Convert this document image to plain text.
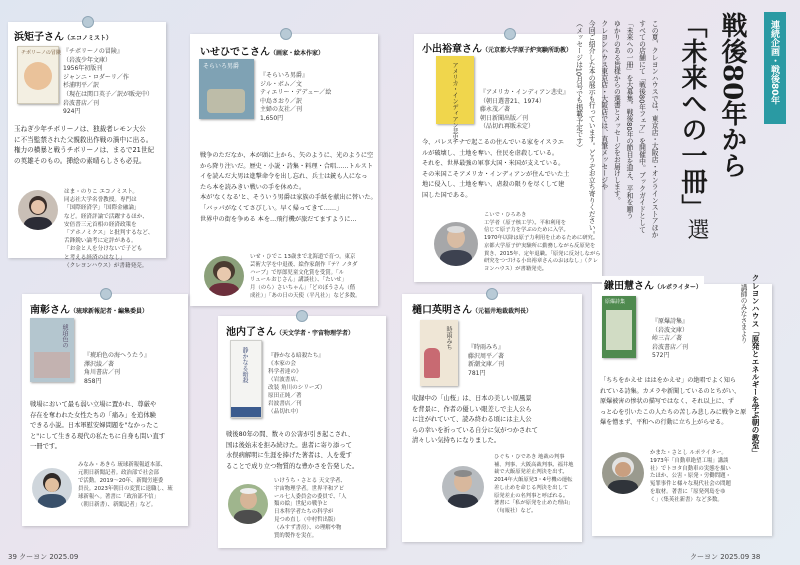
浜矩子さん（エコノミスト）
チボリーノの冒険 『チボリーノの冒険』
（岩波少年文庫）
1956年初版刊
ジャンニ・ロダーリ／作
杉浦明平／訳
（現在は関口英子／訳が販売中）
岩波書店／刊
924円
玉ねぎ少年チボリーノは、独裁者レモン大公
に不当監禁された父親救出作戦の渦中に出る。
権力の横暴と戦うチボリーノは、まるで21世紀
の英雄そのもの。挿絵の素晴らしさも必見。
はま・のりこ エコノミスト。
同志社大学名誉教授。専門は
「国際経済学」「国際金融論」
など。経済評論で活躍するほか、
安倍晋三元首相の経済政策を
「アホノミクス」と批判するなど、
舌鋒鋭い論考に定評がある。
「お金と人を分けないで子ども
と考える経済のはなし」
（クレヨンハウス）が書籍発売。
いせひでこさん（画家・絵本作家）
そらいろ男爵
『そらいろ男爵』
ジル・ボム／文
ティエリー・デデュー／絵
中島さおり／訳
主婦の友社／刊
1,650円
戦争のただなか、本が頭に上から、矢のように、光のように空
から降り注いだ。歴史・小説・詩集・料理・合唱……トルスト
イを読んだ大男は進撃命令を出し忘れ、兵士は銃も人になっ
たら本を読みきい戦いの手を休めた。
本が'なくなる'と、そういう男爵は家族の手紙を献出に替いた。
「バッパがなくてさびしい。早く帰ってきて……」
世界中の街を争める 本を…飛行機が旅だてますように…
いせ・ひでこ 13歳まで北海道で育つ。東京
芸術大学を中退後、絵作家創作『テ？ノタダ
ハーブ』で厚郎児童文化賞を受賞。「ル
リュールおじさん」講談社）、「たいせ」
月（のら）さいちゃん」「どのぼうさん（偕
成社）」「あの日の天使（平凡社）」など多数。
小出裕章さん（元京都大学原子炉実験所助教）
アメリカ・インディアン悲史	『アメリカ・インディアン悲史』
（朝日選書21、1974）
藤永茂／著
朝日新聞出版／刊
（品切れ再販未定）
今、パレスチナで起こるの住んでいる家をイスラエ
ルが破壊し、土地を奪い、住民を虐殺している。
それを、世界最強の軍事大国・米国が支えている。
その米国こそアメリカ・インディアンが住んでいた土
地に侵入し、土地を奪い、虐殺の限りを尽くして建
国した国である。
こいで・ひろあき
工学者（原子核工学）。平和利用を
信じて原子力を学ぶのために入学。
1970年以降は原子力利用を止めるために研究。
京都大学原子炉実験所に勤務しながら反原発を
貫き、2015年、定年退職。「原発に反対しながら
研究をつづける小出裕章さんのおはなし」（クレ
ヨンハウス）が書籍発売。
南彰さん（琉球新報記者・編集委員）
琥珀色の
『琥珀色の海へうたう』
澤沢綾／著
角川書店／刊
858円
戦場において最も弱い立場に置かれ、尊厳や
存在を奪われた女性たちの「痛み」を追体験
できる小説。日本軍慰安婦問題を"なかったこ
と"にして生きる現代の私たちに自身も問い直す
一冊です。
みなみ・あきら 琉球新報報道本部、
元朝日新聞記者。政治部で社会部
で活動。2019〜20年、新聞労連委
員長。2023年朝日の変質に退職し、琉
球新報へ。著書に「政治部不信」
（朝日新書）、新聞記者」など。
池内了さん（天文学者・宇宙物理学者）
静かなる暗殺	『静かなる暗殺たち』
《本家の会
科学者達の》
（岩波書店、
改装 角川のシリーズ）
原田正純／著
岩波書店／刊
（品切れ中）
戦後80年の間、数々の公害が引き起こされ、
国は後始末を拒み続けた。患者に寄り添って
水俣病解明に生涯を捧げた著者は、人を愛す
ることで成り立つ物質的な豊かさを告発した。
いけうち・さとる 天文学者、
宇宙物理学者。世界平和アピ
ール七人委員会の委員で、「人
類の絵」世紀の戦争と
日本科学者たちの科学が
見つめ直し（中村哲出版）
（みすず書房）、の理解や物
質的製作を実在。
樋口英明さん（元福井地裁裁判長）
時雨みち	『時雨みち』
藤沢周平／著
新潮文庫／刊
781円
収録中の「山桜」は、日本の美しい原風景
を背景に、作者の優しい眼差しで主人公ら
に注がれていて、読み終わる頃には主人公
らの幸いを祈っている自分に気がつかされて
清々しい気持ちになりました。
ひぐち・ひであき 地裁の判事
補、判事、大阪高裁判事。福井地
裁で大飯原発差止判決を出す。
2014年大飯原発3・4号機の運転
差し止めを命じる判決を出して
原発差止の名判事と呼ばれる。
著書に「私が原発を止めた理由」
（旬報社）など。
鎌田慧さん（ルポライター）
原爆詩集
『原爆詩集』
（岩波文庫）
峠三吉／著
岩波書店／刊
572円
「ちちをかえせ ははをかえせ」の絶唱でよく知ら
れている詩集。カメラや新聞しているのとちがい、
原爆被害の惨状の描写ではなく、それ以上に、ず
っと心を引いたこの人たちの苦しみ悲しみに戦争と原
爆を憎まず、平和への行動に立ち上がらせる。
かまた・さとし ルポライター。
1973年「自動車絶望工場」講談
社）でトヨタ自動車の実態を描い
たほか、公害・原発・労働問題・
冤罪事件と様々な現代社会の問題
を取材。著書に「原発列島をゆ
く」（集英社新書）など多数。
連続企画・戦後80年
戦後80年から
「未来への一冊」
選
この夏、クレヨンハウスでは、東京店・大阪店・オンラインストアほか
すべての店舗にて「戦後80年フェア」を開催中。ブックガイドとして
「未来への一冊」を大募集。戦後80年の節目を迎え、平和を願う
ゆかりのある皆様からの選書とメッセージをお届けします。
クレヨンハウス東京店・大阪店では、直筆メッセージや
今回ご紹介した本の展示も行っています。どうぞお立ち寄りください。
（メッセージは10月号でも掲載予定です）
クレヨンハウス「原発とエネルギーを学ぶ朝の教室」
講師のみなさまより
39 クーヨン 2025.09	クーヨン 2025.09 38
